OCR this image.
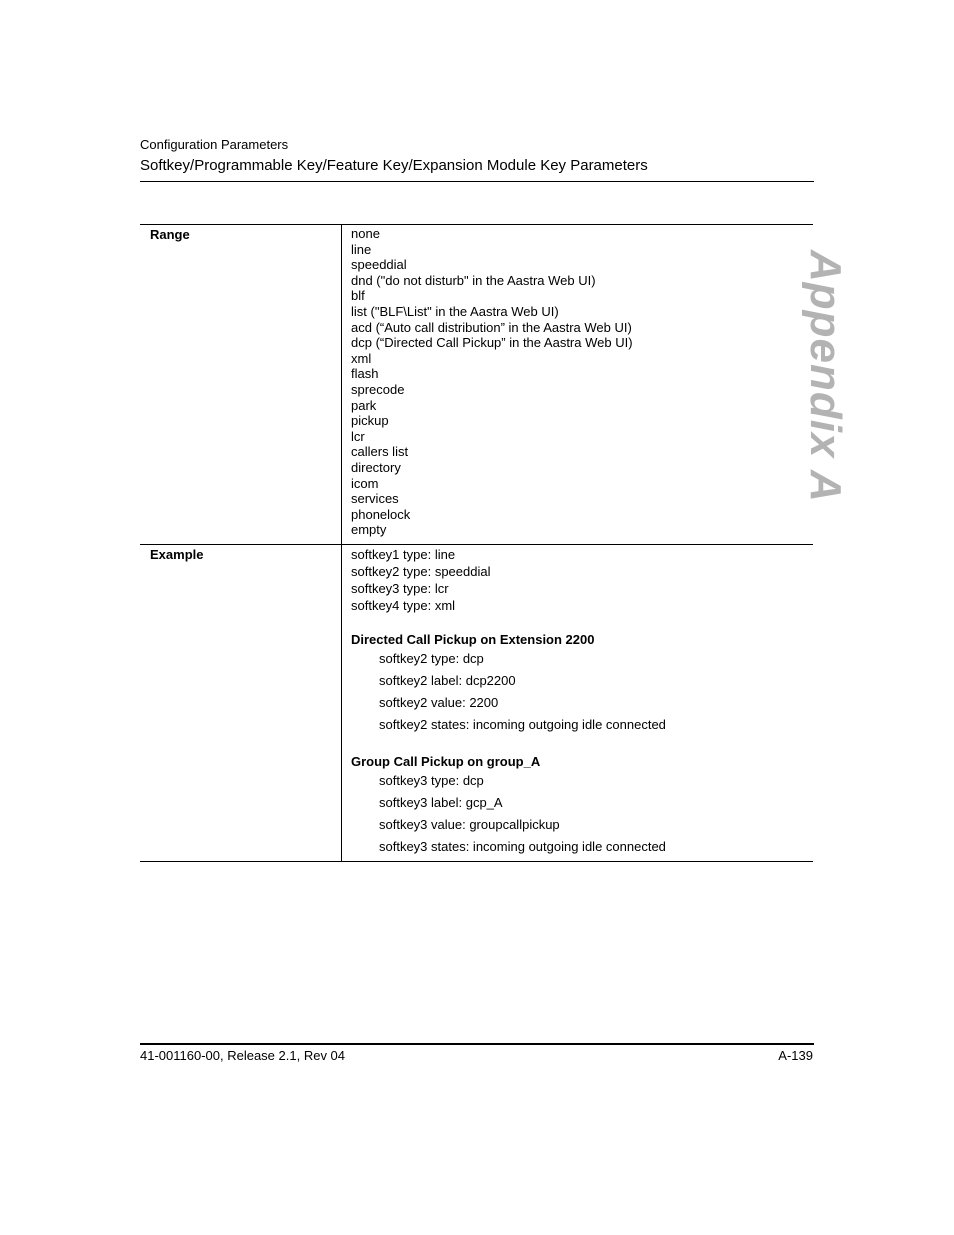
Configuration Parameters
Softkey/Programmable Key/Feature Key/Expansion Module Key Parameters
Appendix A
Range	none
line
speeddial
dnd ("do not disturb" in the Aastra Web UI)
blf
list ("BLF\List" in the Aastra Web UI)
acd (“Auto call distribution” in the Aastra Web UI)
dcp (“Directed Call Pickup” in the Aastra Web UI)
xml
flash
sprecode
park
pickup
lcr
callers list
directory
icom
services
phonelock
empty
Example	softkey1 type: line
softkey2 type: speeddial
softkey3 type: lcr
softkey4 type: xml
Directed Call Pickup on Extension 2200
softkey2 type: dcp
softkey2 label: dcp2200
softkey2 value: 2200
softkey2 states: incoming outgoing idle connected
Group Call Pickup on group_A
softkey3 type: dcp
softkey3 label: gcp_A
softkey3 value: groupcallpickup
softkey3 states: incoming outgoing idle connected
41-001160-00, Release 2.1, Rev 04	A-139
